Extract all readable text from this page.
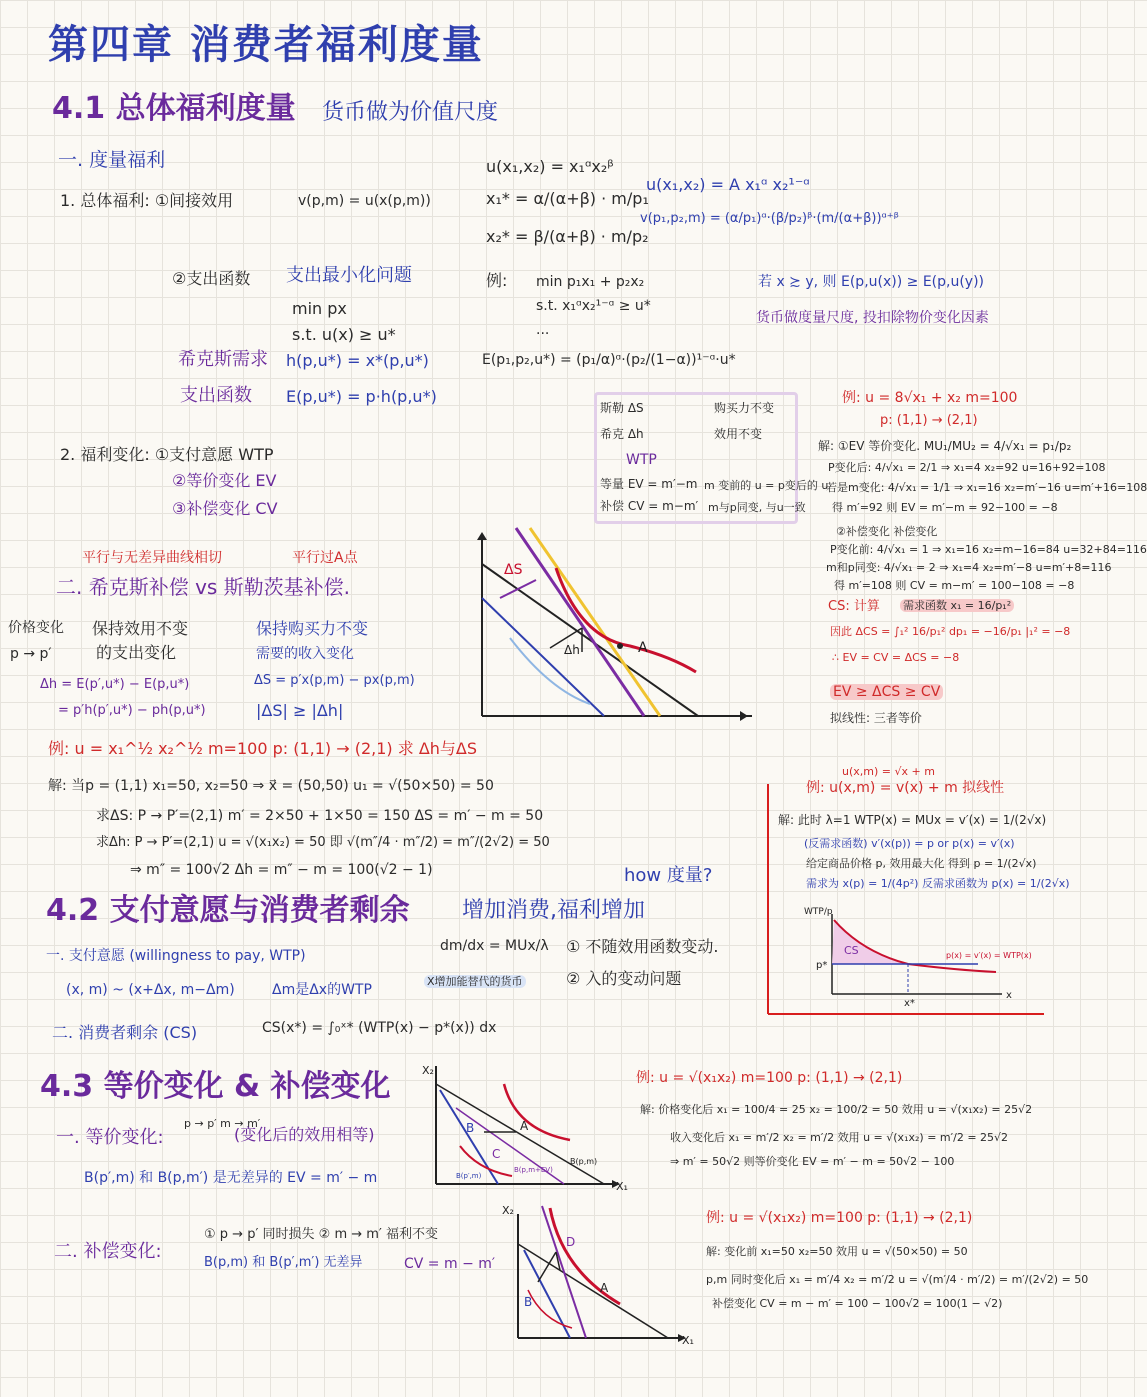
第四章 消费者福利度量
4.1 总体福利度量 货币做为价值尺度
一. 度量福利
1. 总体福利: ①间接效用	v(p,m) = u(x(p,m))
②支出函数 支出最小化问题
min px
s.t. u(x) ≥ u*
希克斯需求 h(p,u*) = x*(p,u*)
支出函数 E(p,u*) = p·h(p,u*)
2. 福利变化: ①支付意愿 WTP
②等价变化 EV
③补偿变化 CV
u(x₁,x₂) = x₁ᵅx₂ᵝ
x₁* = α/(α+β) · m/p₁
x₂* = β/(α+β) · m/p₂
u(x₁,x₂) = A x₁ᵅ x₂¹⁻ᵅ
v(p₁,p₂,m) = (α/p₁)ᵅ·(β/p₂)ᵝ·(m/(α+β))ᵅ⁺ᵝ
例: min p₁x₁ + p₂x₂
s.t. x₁ᵅx₂¹⁻ᵅ ≥ u*
...
E(p₁,p₂,u*) = (p₁/α)ᵅ·(p₂/(1−α))¹⁻ᵅ·u*
若 x ≿ y, 则 E(p,u(x)) ≥ E(p,u(y))
货币做度量尺度, 投扣除物价变化因素
斯勒 ΔS	购买力不变
希克 Δh	效用不变
WTP
等量 EV = m′−m m 变前的 u = p变后的 u
补偿 CV = m−m′ m与p同变, 与u一致
例: u = 8√x₁ + x₂ m=100
p: (1,1) → (2,1)
解: ①EV 等价变化. MU₁/MU₂ = 4/√x₁ = p₁/p₂
P变化后: 4/√x₁ = 2/1 ⇒ x₁=4 x₂=92 u=16+92=108
若是m变化: 4/√x₁ = 1/1 ⇒ x₁=16 x₂=m′−16 u=m′+16=108
得 m′=92 则 EV = m′−m = 92−100 = −8
②补偿变化 补偿变化
P变化前: 4/√x₁ = 1 ⇒ x₁=16 x₂=m−16=84 u=32+84=116
m和p同变: 4/√x₁ = 2 ⇒ x₁=4 x₂=m′−8 u=m′+8=116
得 m′=108 则 CV = m−m′ = 100−108 = −8
CS: 计算 需求函数 x₁ = 16/p₁²
因此 ΔCS = ∫₁² 16/p₁² dp₁ = −16/p₁ |₁² = −8
∴ EV = CV = ΔCS = −8
EV ≥ ΔCS ≥ CV
拟线性: 三者等价
平行与无差异曲线相切	平行过A点
二. 希克斯补偿 vs 斯勒茨基补偿.
价格变化
p → p′
保持效用不变
的支出变化
保持购买力不变
需要的收入变化
Δh = E(p′,u*) − E(p,u*)
= p′h(p′,u*) − ph(p,u*)
ΔS = p′x(p,m) − px(p,m)
|ΔS| ≥ |Δh|
例: u = x₁^½ x₂^½ m=100 p: (1,1) → (2,1) 求 Δh与ΔS
解: 当p = (1,1) x₁=50, x₂=50 ⇒ x⃗ = (50,50) u₁ = √(50×50) = 50
求ΔS: P → P′=(2,1) m′ = 2×50 + 1×50 = 150 ΔS = m′ − m = 50
求Δh: P → P′=(2,1) u = √(x₁x₂) = 50 即 √(m″/4 · m″/2) = m″/(2√2) = 50
⇒ m″ = 100√2 Δh = m″ − m = 100(√2 − 1)
ΔS
Δh	A
u(x,m) = √x + m
例: u(x,m) = v(x) + m 拟线性
解: 此时 λ=1 WTP(x) = MUx = v′(x) = 1/(2√x)
(反需求函数) v′(x(p)) = p or p(x) = v′(x)
给定商品价格 p, 效用最大化 得到 p = 1/(2√x)
需求为 x(p) = 1/(4p²) 反需求函数为 p(x) = 1/(2√x)
WTP/p
p*
CS
x*
x
p(x) = v′(x) = WTP(x)
4.2 支付意愿与消费者剩余 增加消费,福利增加
how 度量?
一. 支付意愿 (willingness to pay, WTP)
dm/dx = MUx/λ ① 不随效用函数变动.
② 入的变动问题
(x, m) ~ (x+Δx, m−Δm)	Δm是Δx的WTP
X增加能替代的货币
二. 消费者剩余 (CS)	CS(x*) = ∫₀ˣ* (WTP(x) − p*(x)) dx
4.3 等价变化 & 补偿变化
一. 等价变化:
p → p′ m → m′
(变化后的效用相等)
B(p′,m) 和 B(p,m′) 是无差异的 EV = m′ − m
二. 补偿变化:
① p → p′ 同时损失 ② m → m′ 福利不变
B(p,m) 和 B(p′,m′) 无差异	CV = m − m′
A
B
C
X₂
X₁
B(p,m)
B(p′,m)
B(p,m+EV)
D
A
B
X₂
X₁
例: u = √(x₁x₂) m=100 p: (1,1) → (2,1)
解: 价格变化后 x₁ = 100/4 = 25 x₂ = 100/2 = 50 效用 u = √(x₁x₂) = 25√2
收入变化后 x₁ = m′/2 x₂ = m′/2 效用 u = √(x₁x₂) = m′/2 = 25√2
⇒ m′ = 50√2 则等价变化 EV = m′ − m = 50√2 − 100
例: u = √(x₁x₂) m=100 p: (1,1) → (2,1)
解: 变化前 x₁=50 x₂=50 效用 u = √(50×50) = 50
p,m 同时变化后 x₁ = m′/4 x₂ = m′/2 u = √(m′/4 · m′/2) = m′/(2√2) = 50
补偿变化 CV = m − m′ = 100 − 100√2 = 100(1 − √2)
